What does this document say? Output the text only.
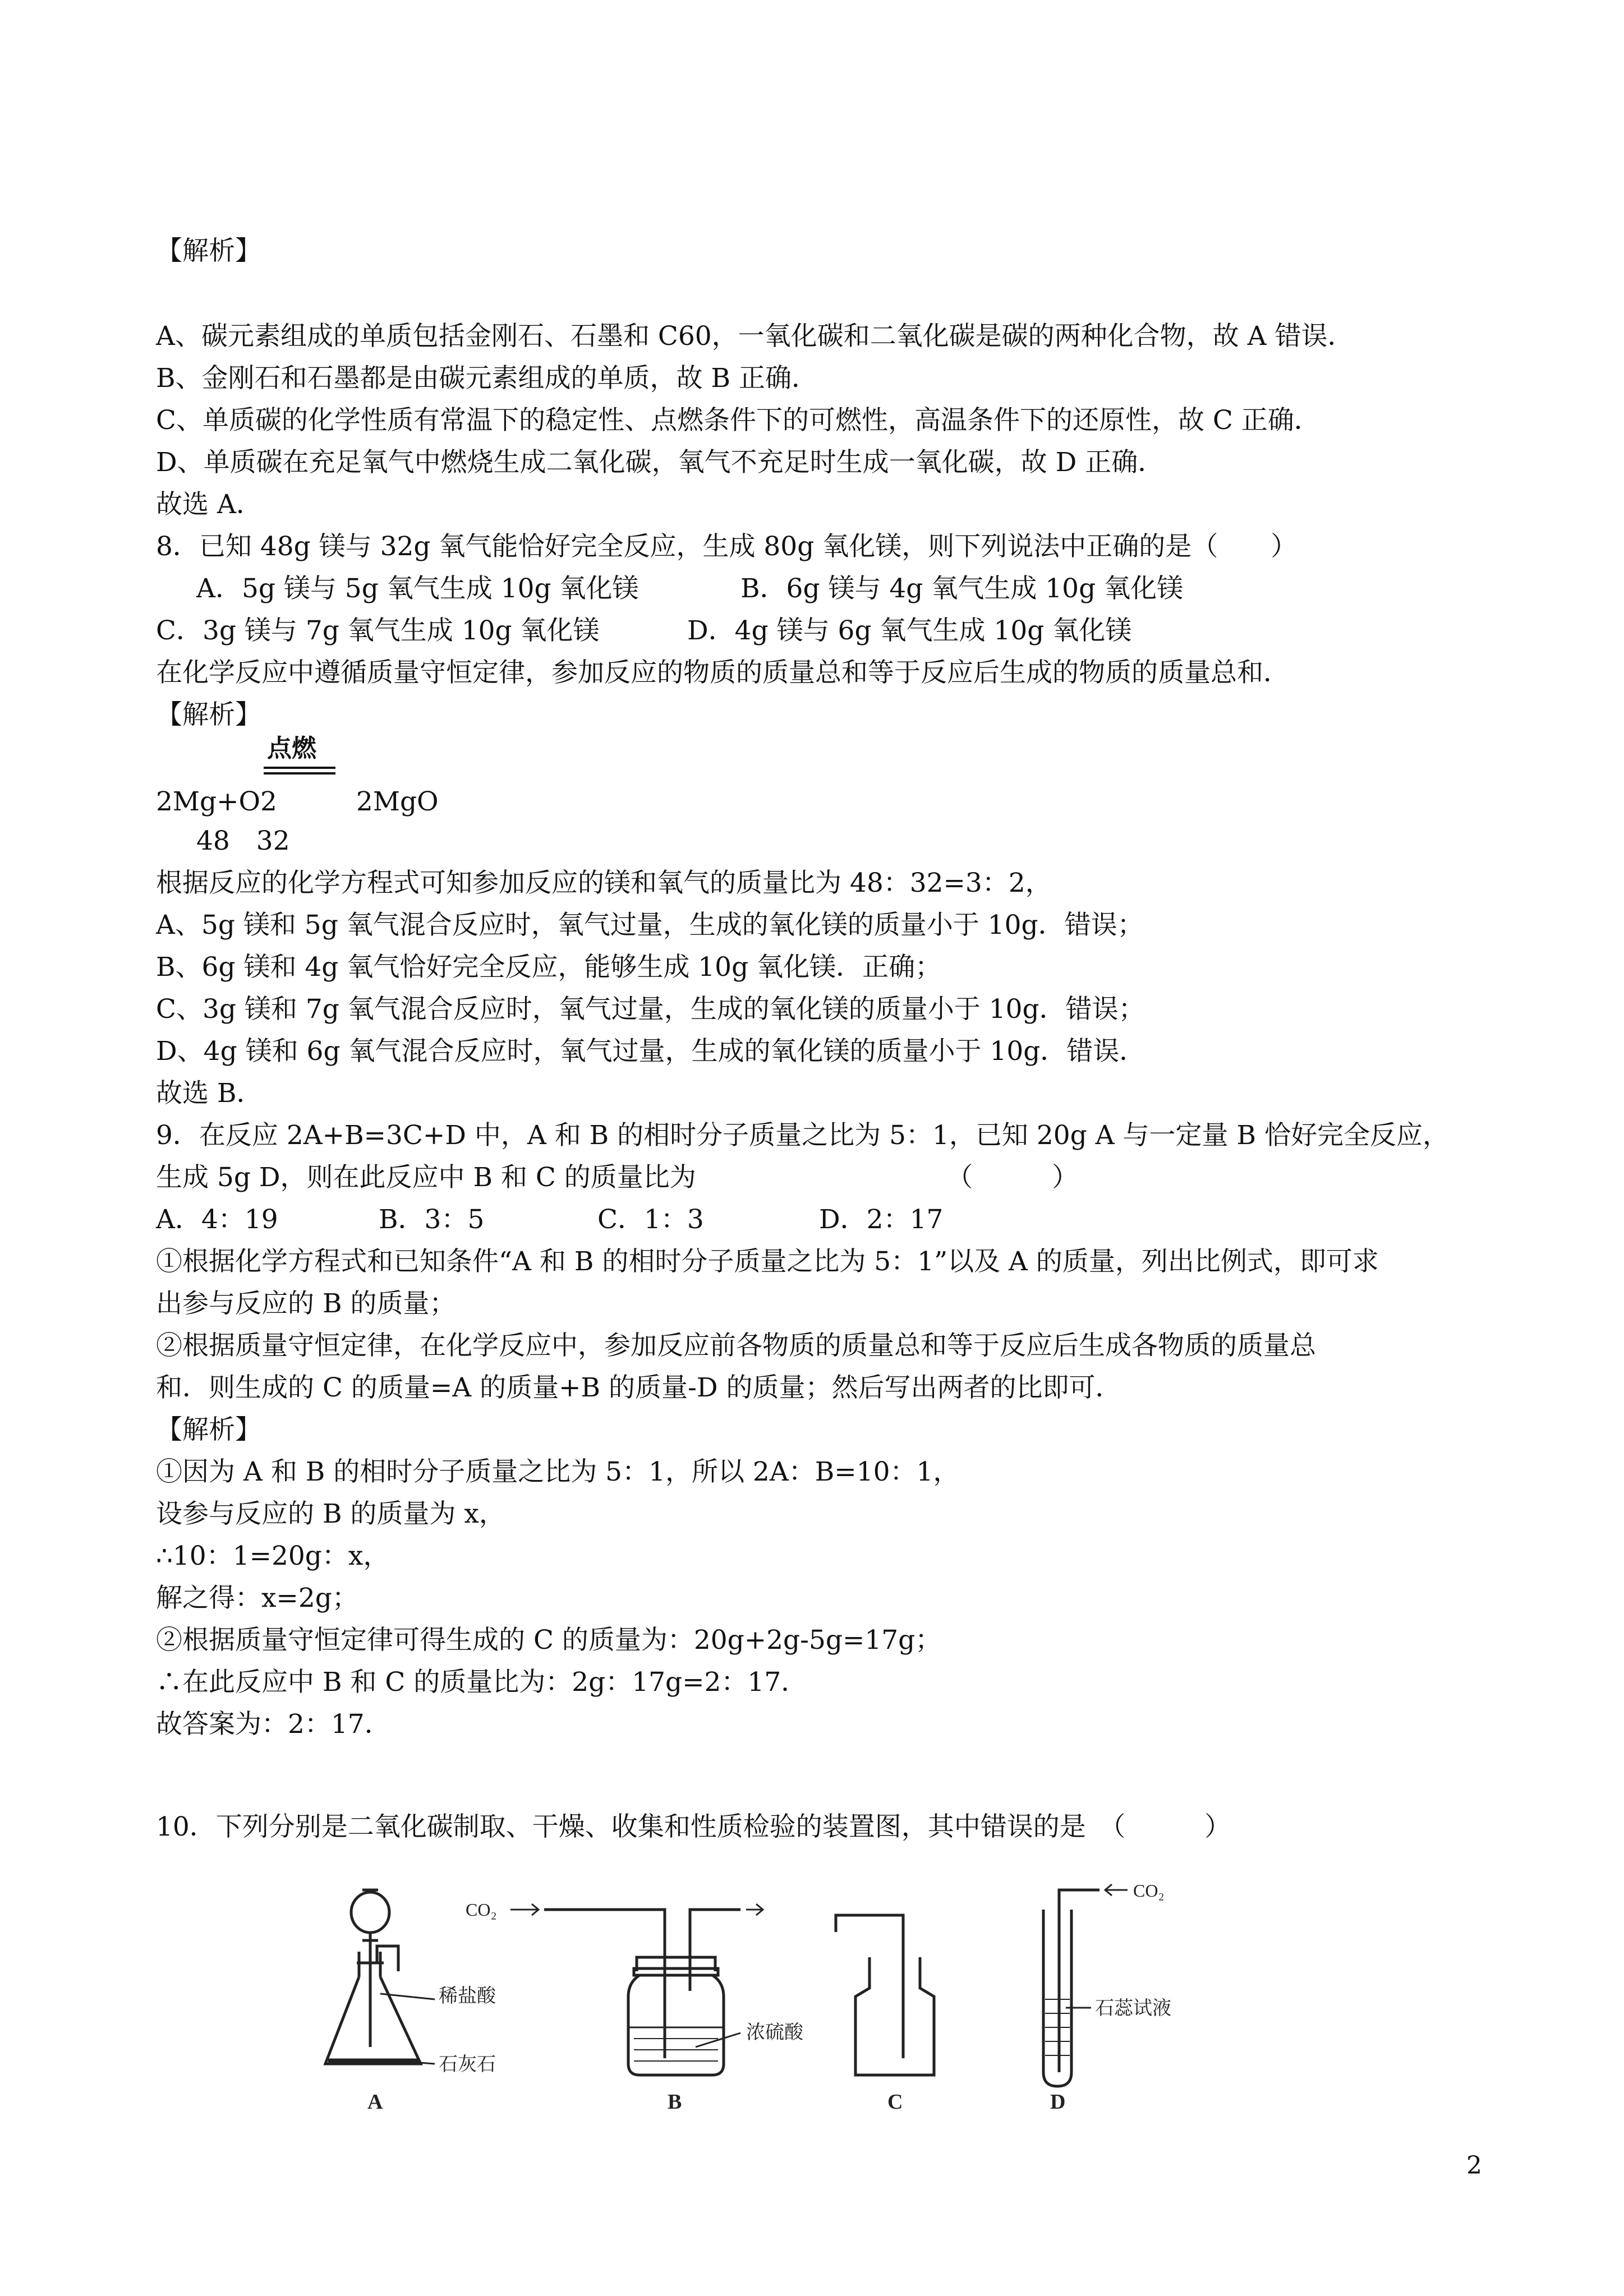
【解析】

A、碳元素组成的单质包括金刚石、石墨和 C60，一氧化碳和二氧化碳是碳的两种化合物，故 A 错误．

B、金刚石和石墨都是由碳元素组成的单质，故 B 正确．

C、单质碳的化学性质有常温下的稳定性、点燃条件下的可燃性，高温条件下的还原性，故 C 正确．

D、单质碳在充足氧气中燃烧生成二氧化碳，氧气不充足时生成一氧化碳，故 D 正确．

故选 A．

8．已知 48g 镁与 32g 氧气能恰好完全反应，生成 80g 氧化镁，则下列说法中正确的是（　　）

在化学反应中遵循质量守恒定律，参加反应的物质的质量总和等于反应后生成的物质的质量总和．

【解析】

2Mg+O2　　　2MgO

48　32

根据反应的化学方程式可知参加反应的镁和氧气的质量比为 48：32=3：2，

A、5g 镁和 5g 氧气混合反应时，氧气过量，生成的氧化镁的质量小于 10g．错误；

B、6g 镁和 4g 氧气恰好完全反应，能够生成 10g 氧化镁．正确；

C、3g 镁和 7g 氧气混合反应时，氧气过量，生成的氧化镁的质量小于 10g．错误；

D、4g 镁和 6g 氧气混合反应时，氧气过量，生成的氧化镁的质量小于 10g．错误．

故选 B．

9．在反应 2A+B=3C+D 中，A 和 B 的相时分子质量之比为 5：1，已知 20g A 与一定量 B 恰好完全反应，

生成 5g D，则在此反应中 B 和 C 的质量比为　　　　　　　　　　（　　　）

①根据化学方程式和已知条件“A 和 B 的相时分子质量之比为 5：1”以及 A 的质量，列出比例式，即可求

出参与反应的 B 的质量；

②根据质量守恒定律，在化学反应中，参加反应前各物质的质量总和等于反应后生成各物质的质量总

和．则生成的 C 的质量=A 的质量+B 的质量-D 的质量；然后写出两者的比即可．

【解析】

①因为 A 和 B 的相时分子质量之比为 5：1，所以 2A：B=10：1，

设参与反应的 B 的质量为 x，

∴10：1=20g：x，

解之得：x=2g；

②根据质量守恒定律可得生成的 C 的质量为：20g+2g-5g=17g；

∴在此反应中 B 和 C 的质量比为：2g：17g=2：17．

故答案为：2：17．

10．下列分别是二氧化碳制取、干燥、收集和性质检验的装置图，其中错误的是　（　　　）

A．5g 镁与 5g 氧气生成 10g 氧化镁	B．6g 镁与 4g 氧气生成 10g 氧化镁
C．3g 镁与 7g 氧气生成 10g 氧化镁	D．4g 镁与 6g 氧气生成 10g 氧化镁
A．4：19	B．3：5	C．1：3	D．2：17
点燃
稀盐酸
石灰石
浓硫酸
石蕊试液
CO₂
CO₂
A	B	C	D
2
